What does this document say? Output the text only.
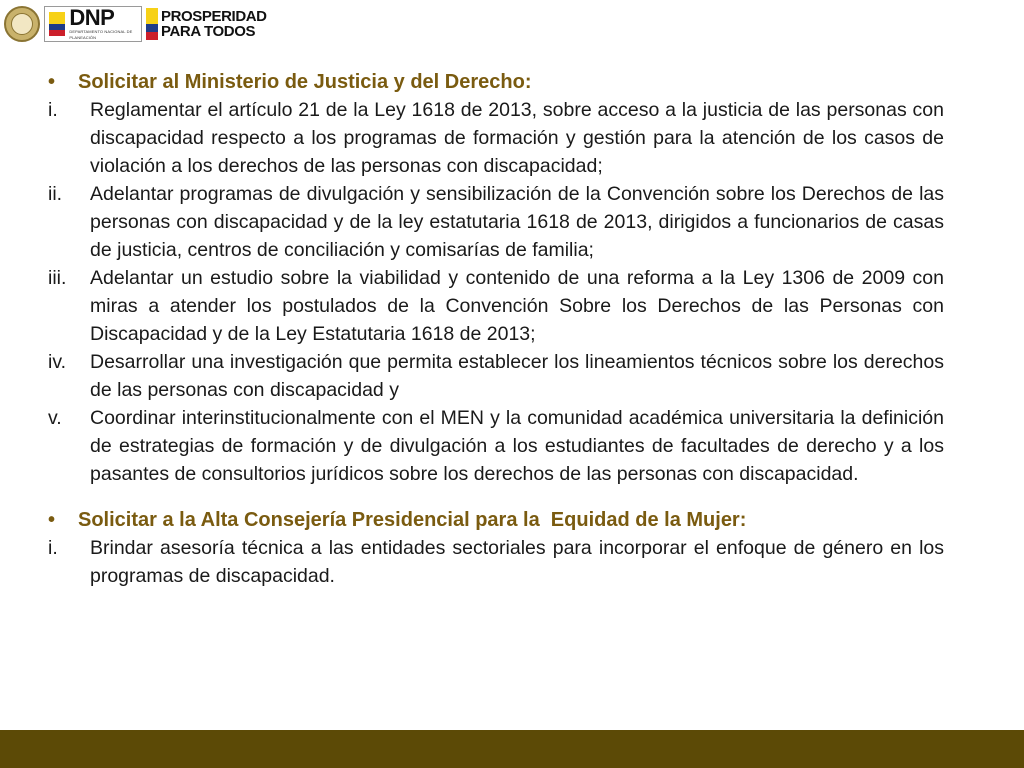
DNP
DEPARTAMENTO NACIONAL DE PLANEACIÓN
PROSPERIDAD
PARA TODOS
•	Solicitar al Ministerio de Justicia y del Derecho:
i.	Reglamentar el artículo 21 de la Ley 1618 de 2013, sobre acceso a la justicia de las personas con discapacidad respecto a los programas de formación y gestión para la atención de los casos de violación a los derechos de las personas con discapacidad;
ii.	Adelantar programas de divulgación y sensibilización de la Convención sobre los Derechos de las personas con discapacidad y de la ley estatutaria 1618 de 2013, dirigidos a funcionarios de casas de justicia, centros de conciliación y comisarías de familia;
iii.	Adelantar un estudio sobre la viabilidad y contenido de una reforma a la Ley 1306 de 2009 con miras a atender los postulados de la Convención Sobre los Derechos de las Personas con Discapacidad y de la Ley Estatutaria 1618 de 2013;
iv.	Desarrollar una investigación que permita establecer los lineamientos técnicos sobre los derechos de las personas con discapacidad y
v.	Coordinar interinstitucionalmente con el MEN y la comunidad académica universitaria la definición de estrategias de formación y de divulgación a los estudiantes de facultades de derecho y a los pasantes de consultorios jurídicos sobre los derechos de las personas con discapacidad.
•	Solicitar a la Alta Consejería Presidencial para la  Equidad de la Mujer:
i.	Brindar asesoría técnica a las entidades sectoriales para incorporar el enfoque de género en los programas de discapacidad.
